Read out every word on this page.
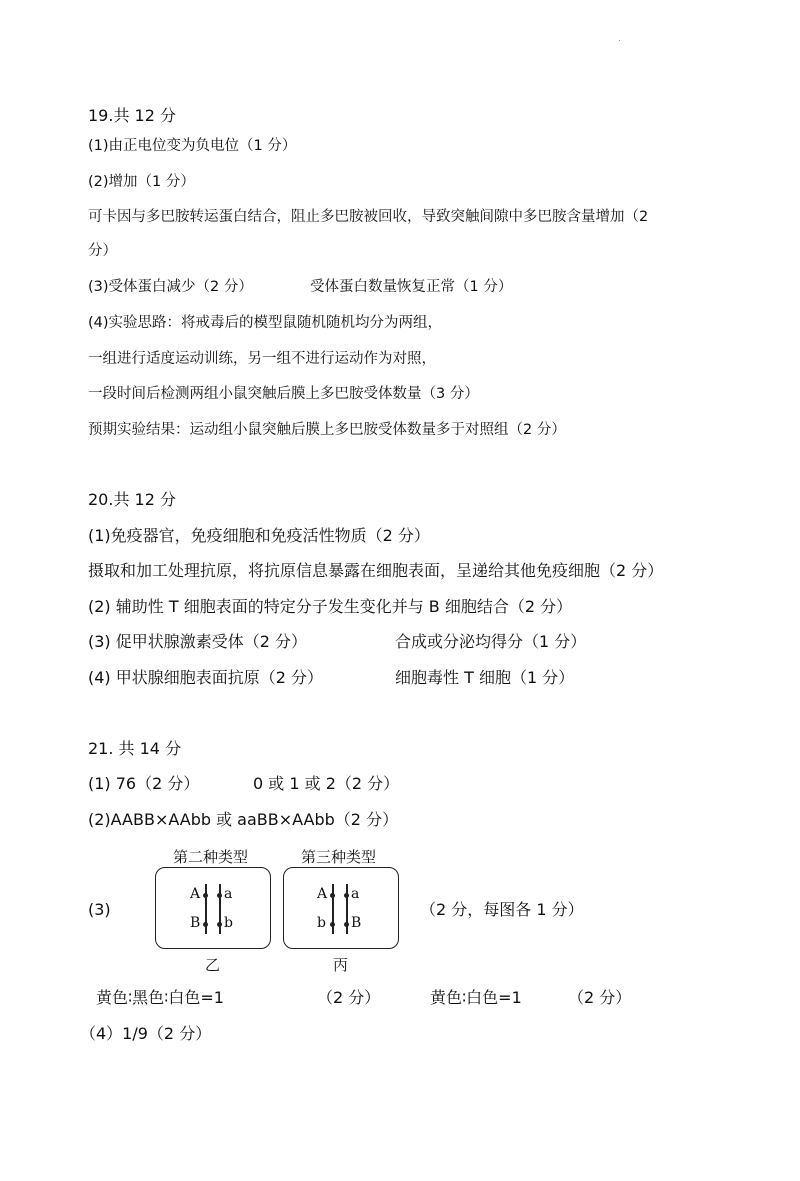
.
19.共 12 分
(1)由正电位变为负电位（1 分）
(2)增加（1 分）
可卡因与多巴胺转运蛋白结合，阻止多巴胺被回收，导致突触间隙中多巴胺含量增加（2
分）
(3)受体蛋白减少（2 分）	受体蛋白数量恢复正常（1 分）
(4)实验思路：将戒毒后的模型鼠随机随机均分为两组，
一组进行适度运动训练，另一组不进行运动作为对照，
一段时间后检测两组小鼠突触后膜上多巴胺受体数量（3 分）
预期实验结果：运动组小鼠突触后膜上多巴胺受体数量多于对照组（2 分）
20.共 12 分
(1)免疫器官，免疫细胞和免疫活性物质（2 分）
摄取和加工处理抗原，将抗原信息暴露在细胞表面，呈递给其他免疫细胞（2 分）
(2) 辅助性 T 细胞表面的特定分子发生变化并与 B 细胞结合（2 分）
(3) 促甲状腺激素受体（2 分）	合成或分泌均得分（1 分）
(4) 甲状腺细胞表面抗原（2 分）	细胞毒性 T 细胞（1 分）
21. 共 14 分
(1) 76（2 分）	0 或 1 或 2（2 分）
(2)AABB×AAbb 或 aaBB×AAbb（2 分）
(3)
第二种类型
A a
B b
乙
第三种类型
A a
b B
丙
（2 分，每图各 1 分）
黄色∶黑色∶白色=1	（2 分）	黄色∶白色=1	（2 分）
（4）1/9（2 分）
